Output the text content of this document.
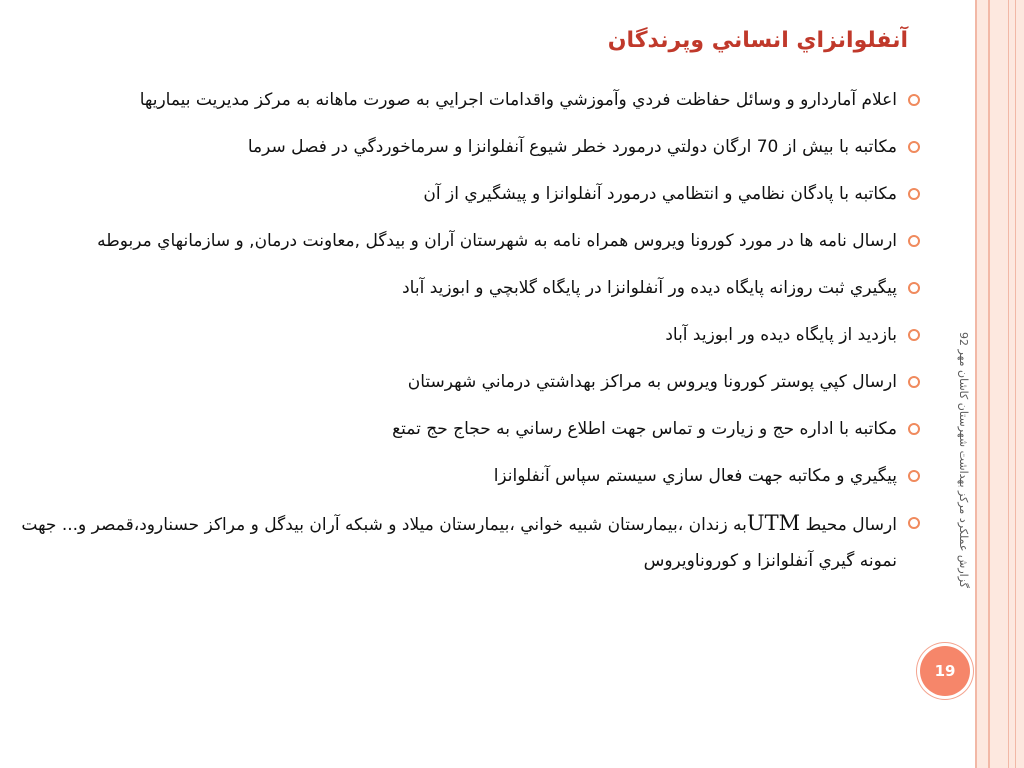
گزارش عملکرد مرکز بهداشت شهرستان کاشان مهر 92
19
آنفلوانزاي انساني وپرندگان
اعلام آماردارو و وسائل حفاظت فردي وآموزشي واقدامات اجرايي به صورت ماهانه به مرکز مديريت بيماريها
مکاتبه با بيش از 70 ارگان دولتي درمورد خطر شيوع آنفلوانزا و سرماخوردگي در فصل سرما
مکاتبه با پادگان نظامي و انتظامي درمورد آنفلوانزا و پيشگيري از آن
ارسال نامه ها در مورد کورونا ويروس همراه نامه به شهرستان آران و بيدگل ,معاونت درمان, و سازمانهاي مربوطه
پيگيري ثبت روزانه پايگاه ديده ور آنفلوانزا در پايگاه گلابچي و ابوزيد آباد
بازديد از پايگاه ديده ور ابوزيد آباد
ارسال کپي پوستر کورونا ويروس به مراکز بهداشتي درماني شهرستان
مکاتبه با اداره حج و زيارت و تماس جهت اطلاع رساني به حجاج حج تمتع
پيگيري و مکاتبه جهت فعال سازي سيستم سپاس آنفلوانزا
ارسال محيط UTMبه زندان ،بيمارستان شبيه خواني ،بيمارستان ميلاد و شبکه آران بيدگل و مراکز حسنارود،قمصر و... جهت نمونه گيري آنفلوانزا و کوروناويروس
